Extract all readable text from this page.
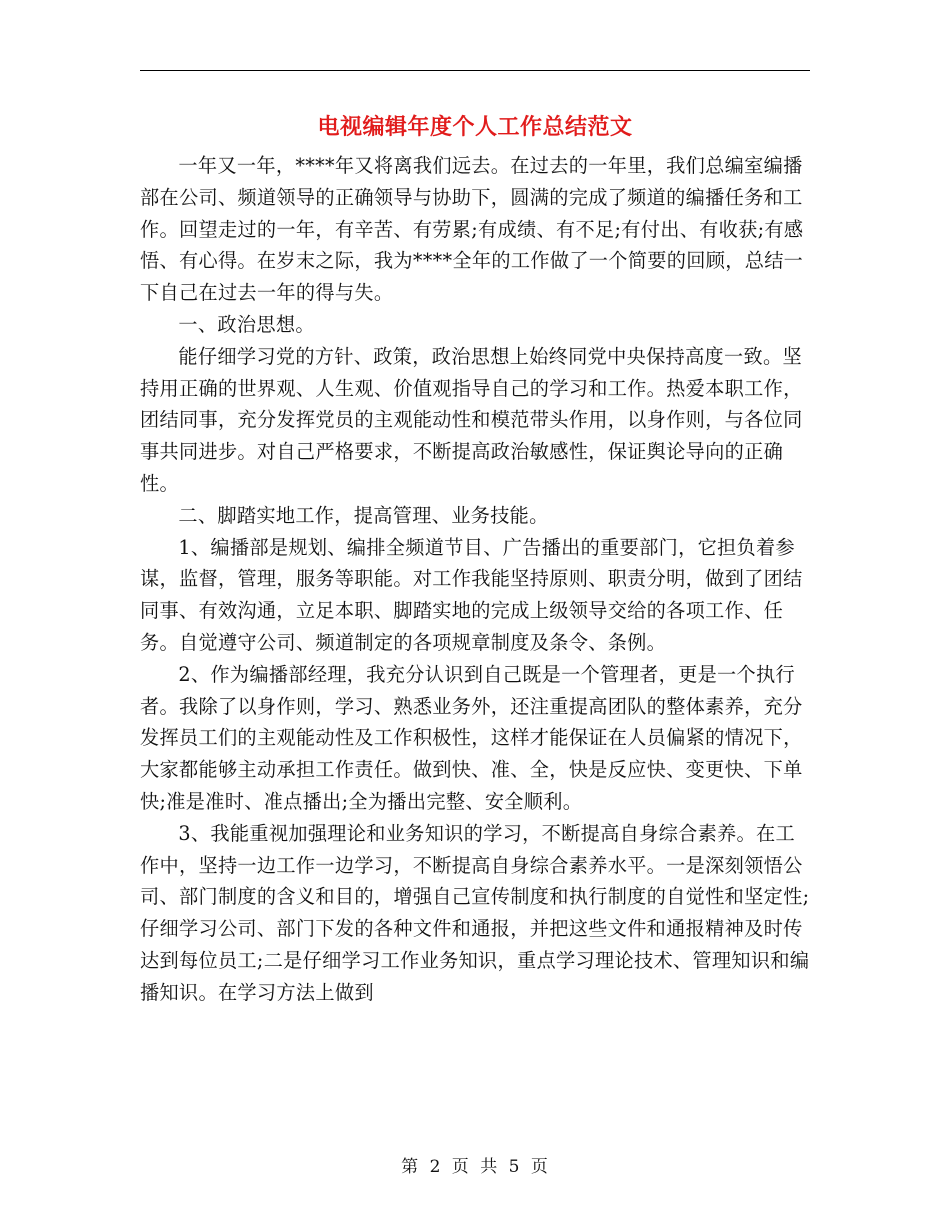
电视编辑年度个人工作总结范文

一年又一年，****年又将离我们远去。在过去的一年里，我们总编室编播部在公司、频道领导的正确领导与协助下，圆满的完成了频道的编播任务和工作。回望走过的一年，有辛苦、有劳累;有成绩、有不足;有付出、有收获;有感悟、有心得。在岁末之际，我为****全年的工作做了一个简要的回顾，总结一下自己在过去一年的得与失。

一、政治思想。

能仔细学习党的方针、政策，政治思想上始终同党中央保持高度一致。坚持用正确的世界观、人生观、价值观指导自己的学习和工作。热爱本职工作，团结同事，充分发挥党员的主观能动性和模范带头作用，以身作则，与各位同事共同进步。对自己严格要求，不断提高政治敏感性，保证舆论导向的正确性。

二、脚踏实地工作，提高管理、业务技能。

1、编播部是规划、编排全频道节目、广告播出的重要部门，它担负着参谋，监督，管理，服务等职能。对工作我能坚持原则、职责分明，做到了团结同事、有效沟通，立足本职、脚踏实地的完成上级领导交给的各项工作、任务。自觉遵守公司、频道制定的各项规章制度及条令、条例。

2、作为编播部经理，我充分认识到自己既是一个管理者，更是一个执行者。我除了以身作则，学习、熟悉业务外，还注重提高团队的整体素养，充分发挥员工们的主观能动性及工作积极性，这样才能保证在人员偏紧的情况下，大家都能够主动承担工作责任。做到快、准、全，快是反应快、变更快、下单快;准是准时、准点播出;全为播出完整、安全顺利。

3、我能重视加强理论和业务知识的学习，不断提高自身综合素养。在工作中，坚持一边工作一边学习，不断提高自身综合素养水平。一是深刻领悟公司、部门制度的含义和目的，增强自己宣传制度和执行制度的自觉性和坚定性;仔细学习公司、部门下发的各种文件和通报，并把这些文件和通报精神及时传达到每位员工;二是仔细学习工作业务知识，重点学习理论技术、管理知识和编播知识。在学习方法上做到

第 2 页 共 5 页
